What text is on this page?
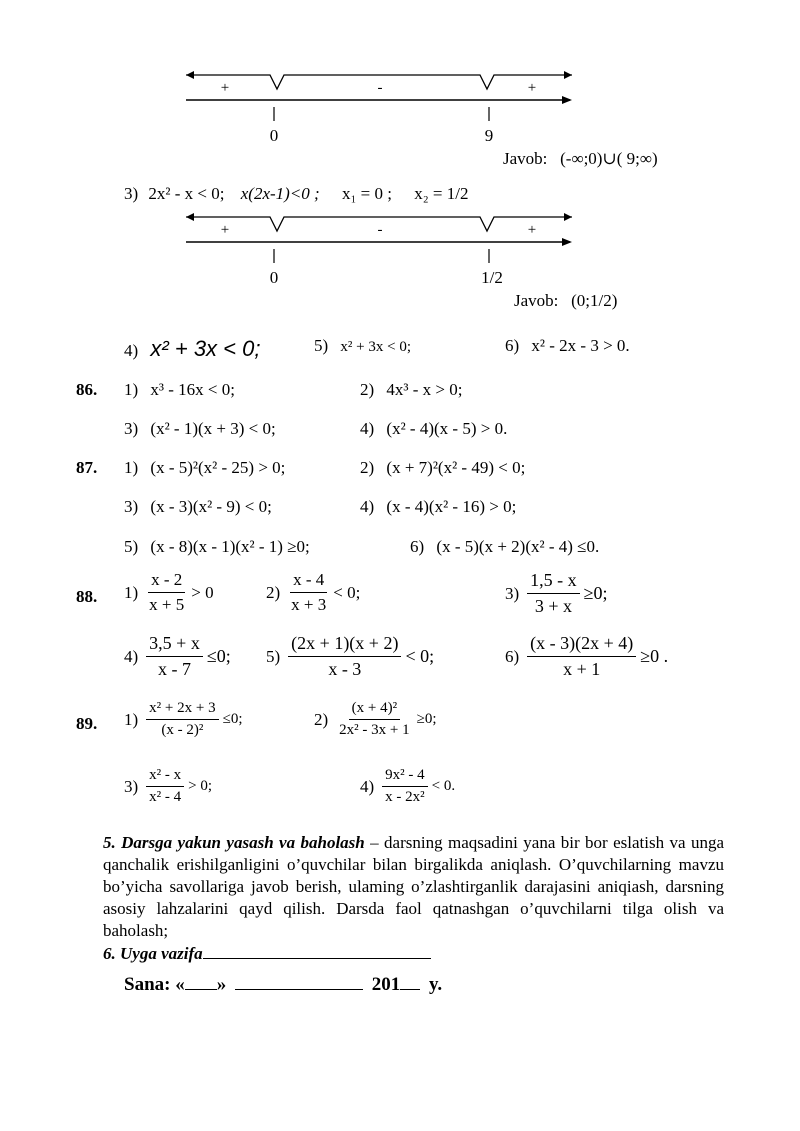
+	-	+
0	9
Javob: (-∞;0)∪( 9;∞)
3) 2x² - x < 0; x(2x-1)<0 ; x₁ = 0 ; x₂ = 1/2
+	-	+
0	1/2
Javob: (0;1/2)
4) x² + 3x < 0;	5) x² + 3x < 0;	6) x² - 2x - 3 > 0.
86. 1) x³ - 16x < 0;	2) 4x³ - x > 0;
3) (x² - 1)(x + 3) < 0;	4) (x² - 4)(x - 5) > 0.
87. 1) (x - 5)²(x² - 25) > 0;	2) (x + 7)²(x² - 49) < 0;
3) (x - 3)(x² - 9) < 0;	4) (x - 4)(x² - 16) > 0;
5) (x - 8)(x - 1)(x² - 1) ≥0;	6) (x - 5)(x + 2)(x² - 4) ≤0.
88. $1) \frac{x - 2}{x + 5} > 0$	$2) \frac{x - 4}{x + 3} < 0$;	$3) \frac{1,5 - x}{3 + x} \ge 0$;
$4) \frac{3,5 + x}{x - 7} \le 0$; $5) \frac{(2x + 1)(x + 2)}{x - 3} < 0$;	$6) \frac{(x - 3)(2x + 4)}{x + 1} \ge 0$ .
89. $1) \frac{\text{x² + 2x + 3}}{\text{(x - 2)²}} \le 0$;	$2) \frac{\text{(x + 4)²}}{\text{2x² - 3x + 1}} \ge 0$;
$3) \frac{\text{x² - x}}{\text{x² - 4}} > 0$;	$4) \frac{\text{9x² - 4}}{\text{x - 2x²}} < 0$.
5. Darsga yakun yasash va baholash – darsning maqsadini yana bir bor eslatish va unga qanchalik erishilganligini o’quvchilar bilan birgalikda aniqlash. O’quvchilarning mavzu bo’yicha savollariga javob berish, ulaming o’zlashtirganlik darajasini aniqiash, darsning asosiy lahzalarini qayd qilish. Darsda faol qatnashgan o’quvchilarni tilga olish va baholash;
6. Uyga vazifa
Sana: « »	201 y.
